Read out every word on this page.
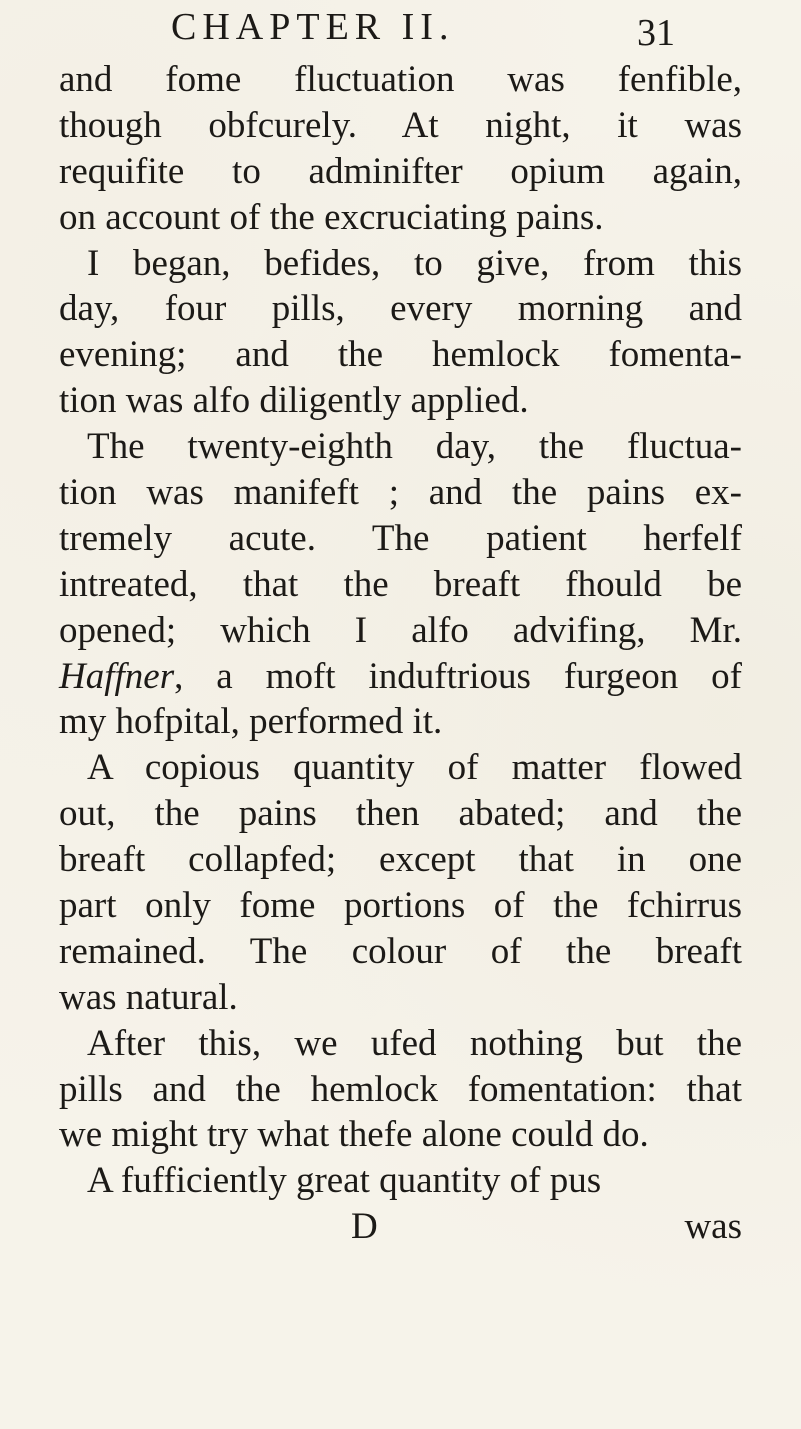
CHAPTER II.	31
and fome fluctuation was fenfible,
though obfcurely. At night, it was
requifite to adminifter opium again,
on account of the excruciating pains.
I began, befides, to give, from this
day, four pills, every morning and
evening; and the hemlock fomenta-
tion was alfo diligently applied.
The twenty-eighth day, the fluctua-
tion was manifeft ; and the pains ex-
tremely acute. The patient herfelf
intreated, that the breaft fhould be
opened; which I alfo advifing, Mr.
Haffner, a moft induftrious furgeon of
my hofpital, performed it.
A copious quantity of matter flowed
out, the pains then abated; and the
breaft collapfed; except that in one
part only fome portions of the fchirrus
remained. The colour of the breaft
was natural.
After this, we ufed nothing but the
pills and the hemlock fomentation: that
we might try what thefe alone could do.
A fufficiently great quantity of pus
D	was
